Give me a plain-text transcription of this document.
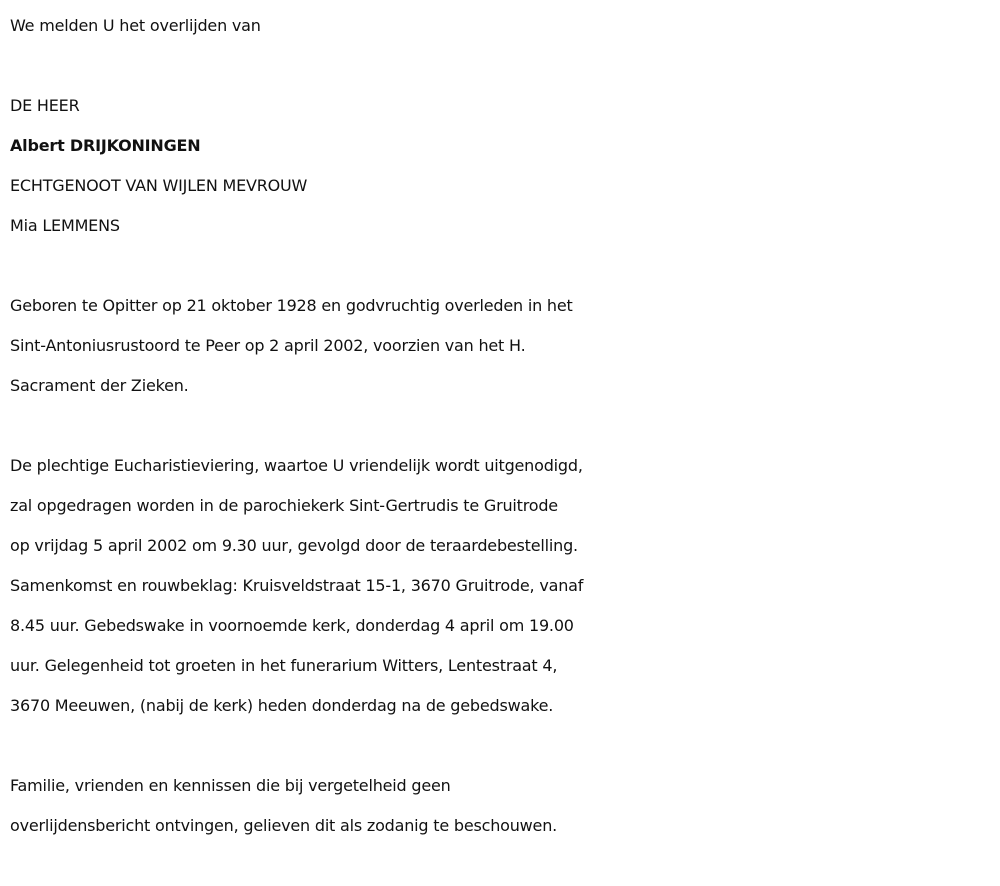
We melden U het overlijden van
DE HEER
Albert DRIJKONINGEN
ECHTGENOOT VAN WIJLEN MEVROUW
Mia LEMMENS
Geboren te Opitter op 21 oktober 1928 en godvruchtig overleden in het
Sint-Antoniusrustoord te Peer op 2 april 2002, voorzien van het H.
Sacrament der Zieken.
De plechtige Eucharistieviering, waartoe U vriendelijk wordt uitgenodigd,
zal opgedragen worden in de parochiekerk Sint-Gertrudis te Gruitrode
op vrijdag 5 april 2002 om 9.30 uur, gevolgd door de teraardebestelling.
Samenkomst en rouwbeklag: Kruisveldstraat 15-1, 3670 Gruitrode, vanaf
8.45 uur. Gebedswake in voornoemde kerk, donderdag 4 april om 19.00
uur. Gelegenheid tot groeten in het funerarium Witters, Lentestraat 4,
3670 Meeuwen, (nabij de kerk) heden donderdag na de gebedswake.
Familie, vrienden en kennissen die bij vergetelheid geen
overlijdensbericht ontvingen, gelieven dit als zodanig te beschouwen.
